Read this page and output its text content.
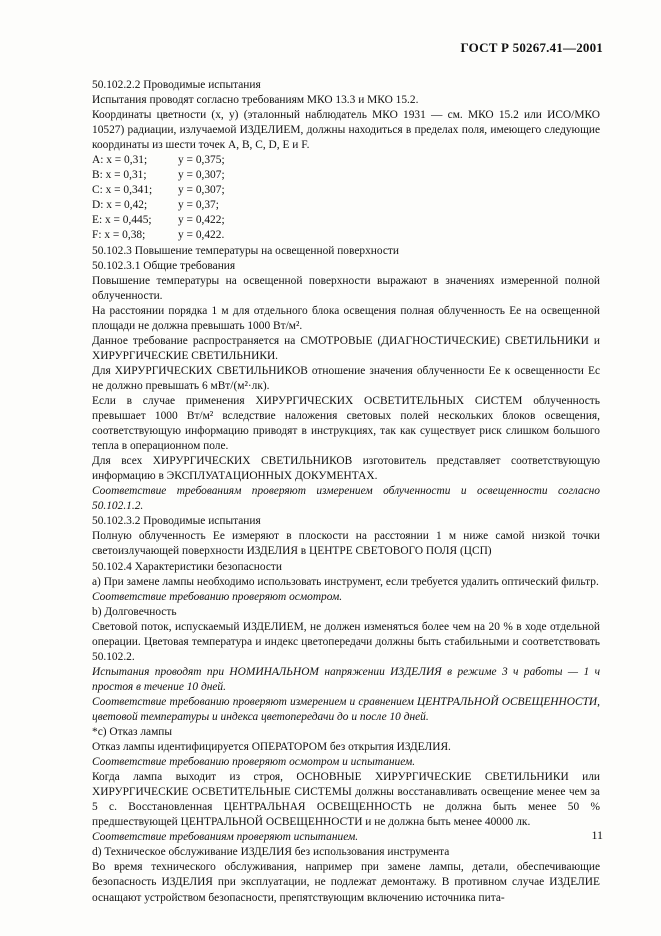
ГОСТ Р 50267.41—2001

50.102.2.2 Проводимые испытания

Испытания проводят согласно требованиям МКО 13.3 и МКО 15.2.

Координаты цветности (x, y) (эталонный наблюдатель МКО 1931 — см. МКО 15.2 или ИСО/МКО 10527) радиации, излучаемой ИЗДЕЛИЕМ, должны находиться в пределах поля, имеющего следующие координаты из шести точек A, B, C, D, E и F.

A: x = 0,31;	y = 0,375;
B: x = 0,31;	y = 0,307;
C: x = 0,341;	y = 0,307;
D: x = 0,42;	y = 0,37;
E: x = 0,445;	y = 0,422;
F: x = 0,38;	y = 0,422.

50.102.3 Повышение температуры на освещенной поверхности

50.102.3.1 Общие требования

Повышение температуры на освещенной поверхности выражают в значениях измеренной полной облученности.

На расстоянии порядка 1 м для отдельного блока освещения полная облученность Ee на освещенной площади не должна превышать 1000 Вт/м².

Данное требование распространяется на СМОТРОВЫЕ (ДИАГНОСТИЧЕСКИЕ) СВЕТИЛЬНИКИ и ХИРУРГИЧЕСКИЕ СВЕТИЛЬНИКИ.

Для ХИРУРГИЧЕСКИХ СВЕТИЛЬНИКОВ отношение значения облученности Ee к освещенности Ec не должно превышать 6 мВт/(м²·лк).

Если в случае применения ХИРУРГИЧЕСКИХ ОСВЕТИТЕЛЬНЫХ СИСТЕМ облученность превышает 1000 Вт/м² вследствие наложения световых полей нескольких блоков освещения, соответствующую информацию приводят в инструкциях, так как существует риск слишком большого тепла в операционном поле.

Для всех ХИРУРГИЧЕСКИХ СВЕТИЛЬНИКОВ изготовитель представляет соответствующую информацию в ЭКСПЛУАТАЦИОННЫХ ДОКУМЕНТАХ.

Соответствие требованиям проверяют измерением облученности и освещенности согласно 50.102.1.2.

50.102.3.2 Проводимые испытания

Полную облученность Ee измеряют в плоскости на расстоянии 1 м ниже самой низкой точки светоизлучающей поверхности ИЗДЕЛИЯ в ЦЕНТРЕ СВЕТОВОГО ПОЛЯ (ЦСП)

50.102.4 Характеристики безопасности

a) При замене лампы необходимо использовать инструмент, если требуется удалить оптический фильтр.

Соответствие требованию проверяют осмотром.

b) Долговечность

Световой поток, испускаемый ИЗДЕЛИЕМ, не должен изменяться более чем на 20 % в ходе отдельной операции. Цветовая температура и индекс цветопередачи должны быть стабильными и соответствовать 50.102.2.

Испытания проводят при НОМИНАЛЬНОМ напряжении ИЗДЕЛИЯ в режиме 3 ч работы — 1 ч простоя в течение 10 дней.

Соответствие требованию проверяют измерением и сравнением ЦЕНТРАЛЬНОЙ ОСВЕЩЕННОСТИ, цветовой температуры и индекса цветопередачи до и после 10 дней.

*c) Отказ лампы

Отказ лампы идентифицируется ОПЕРАТОРОМ без открытия ИЗДЕЛИЯ.

Соответствие требованию проверяют осмотром и испытанием.

Когда лампа выходит из строя, ОСНОВНЫЕ ХИРУРГИЧЕСКИЕ СВЕТИЛЬНИКИ или ХИРУРГИЧЕСКИЕ ОСВЕТИТЕЛЬНЫЕ СИСТЕМЫ должны восстанавливать освещение менее чем за 5 с. Восстановленная ЦЕНТРАЛЬНАЯ ОСВЕЩЕННОСТЬ не должна быть менее 50 % предшествующей ЦЕНТРАЛЬНОЙ ОСВЕЩЕННОСТИ и не должна быть менее 40000 лк.

Соответствие требованиям проверяют испытанием.

d) Техническое обслуживание ИЗДЕЛИЯ без использования инструмента

Во время технического обслуживания, например при замене лампы, детали, обеспечивающие безопасность ИЗДЕЛИЯ при эксплуатации, не подлежат демонтажу. В противном случае ИЗДЕЛИЕ оснащают устройством безопасности, препятствующим включению источника пита-

11
